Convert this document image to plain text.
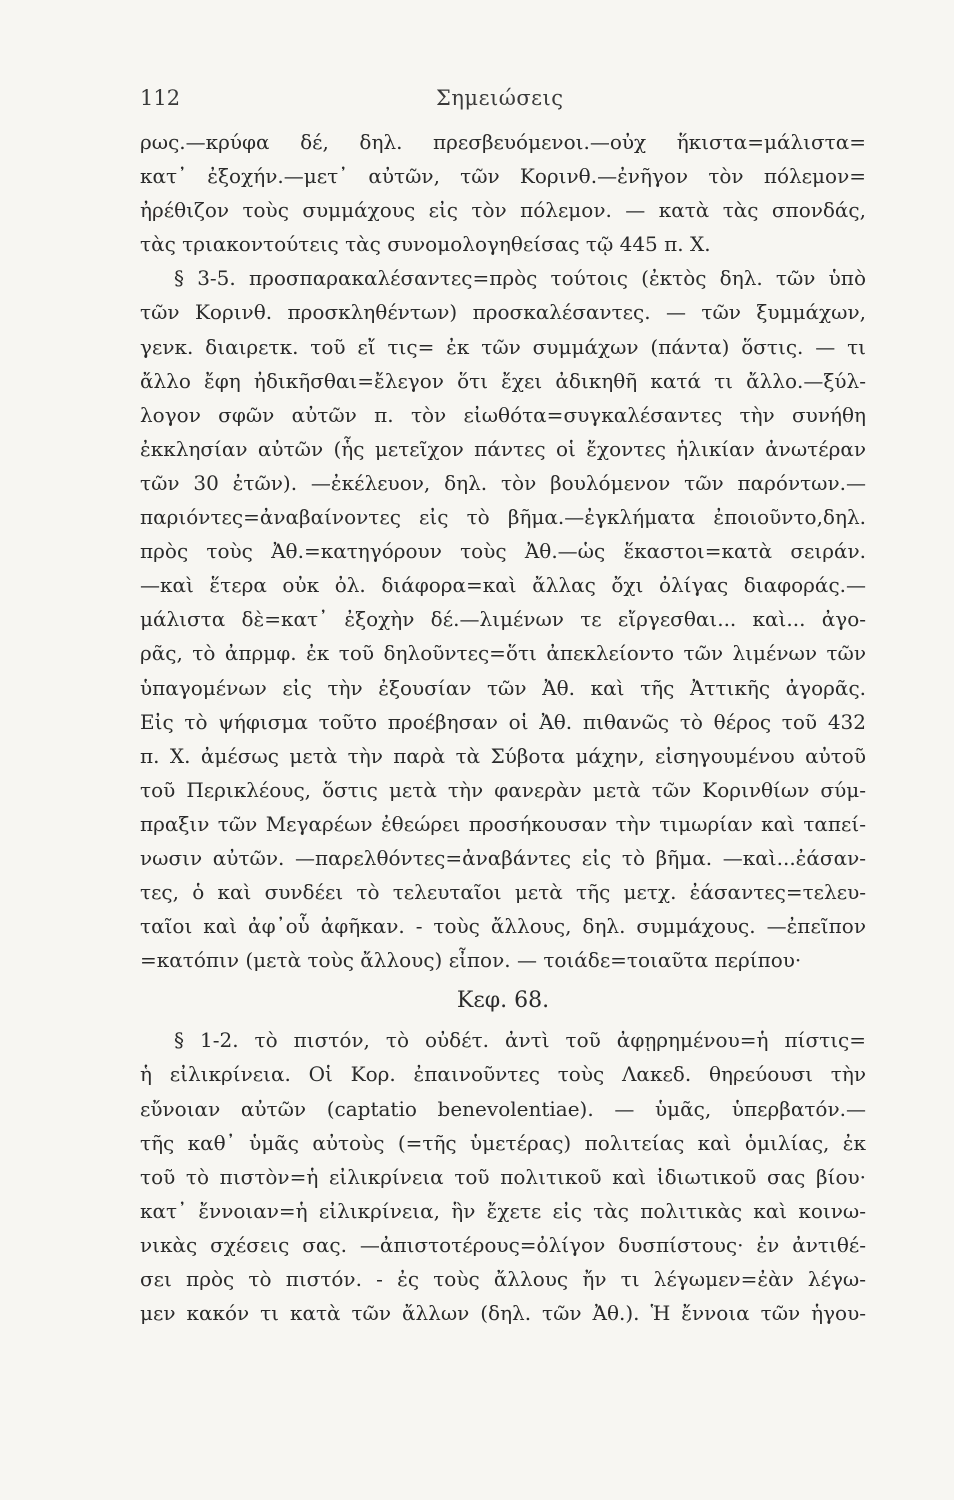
112	Σημειώσεις
ρως.—κρύφα δέ, δηλ. πρεσβευόμενοι.—οὐχ ἥκιστα=μάλιστα=
κατ᾽ ἐξοχήν.—μετ᾽ αὐτῶν, τῶν Κορινθ.—ἐνῆγον τὸν πόλεμον=
ἠρέθιζον τοὺς συμμάχους εἰς τὸν πόλεμον. — κατὰ τὰς σπονδάς,
τὰς τριακοντούτεις τὰς συνομολογηθείσας τῷ 445 π. Χ.
§ 3-5. προσπαρακαλέσαντες=πρὸς τούτοις (ἐκτὸς δηλ. τῶν ὑπὸ
τῶν Κορινθ. προσκληθέντων) προσκαλέσαντες. — τῶν ξυμμάχων,
γενκ. διαιρετκ. τοῦ εἴ τις= ἐκ τῶν συμμάχων (πάντα) ὅστις. — τι
ἄλλο ἔφη ἠδικῆσθαι=ἔλεγον ὅτι ἔχει ἀδικηθῆ κατά τι ἄλλο.—ξύλ-
λογον σφῶν αὐτῶν π. τὸν εἰωθότα=συγκαλέσαντες τὴν συνήθη
ἐκκλησίαν αὐτῶν (ἧς μετεῖχον πάντες οἱ ἔχοντες ἡλικίαν ἀνωτέραν
τῶν 30 ἐτῶν). —ἐκέλευον, δηλ. τὸν βουλόμενον τῶν παρόντων.—
παριόντες=ἀναβαίνοντες εἰς τὸ βῆμα.—ἐγκλήματα ἐποιοῦντο,δηλ.
πρὸς τοὺς Ἀθ.=κατηγόρουν τοὺς Ἀθ.—ὡς ἕκαστοι=κατὰ σειράν.
—καὶ ἕτερα οὐκ ὀλ. διάφορα=καὶ ἄλλας ὄχι ὀλίγας διαφοράς.—
μάλιστα δὲ=κατ᾽ ἐξοχὴν δέ.—λιμένων τε εἴργεσθαι... καὶ... ἀγο-
ρᾶς, τὸ ἀπρμφ. ἐκ τοῦ δηλοῦντες=ὅτι ἀπεκλείοντο τῶν λιμένων τῶν
ὑπαγομένων εἰς τὴν ἐξουσίαν τῶν Ἀθ. καὶ τῆς Ἀττικῆς ἀγορᾶς.
Εἰς τὸ ψήφισμα τοῦτο προέβησαν οἱ Ἀθ. πιθανῶς τὸ θέρος τοῦ 432
π. Χ. ἀμέσως μετὰ τὴν παρὰ τὰ Σύβοτα μάχην, εἰσηγουμένου αὐτοῦ
τοῦ Περικλέους, ὅστις μετὰ τὴν φανερὰν μετὰ τῶν Κορινθίων σύμ-
πραξιν τῶν Μεγαρέων ἐθεώρει προσήκουσαν τὴν τιμωρίαν καὶ ταπεί-
νωσιν αὐτῶν. —παρελθόντες=ἀναβάντες εἰς τὸ βῆμα. —καὶ...ἐάσαν-
τες, ὁ καὶ συνδέει τὸ τελευταῖοι μετὰ τῆς μετχ. ἐάσαντες=τελευ-
ταῖοι καὶ ἀφ᾽οὗ ἀφῆκαν. - τοὺς ἄλλους, δηλ. συμμάχους. —ἐπεῖπον
=κατόπιν (μετὰ τοὺς ἄλλους) εἶπον. — τοιάδε=τοιαῦτα περίπου·
Κεφ. 68.
§ 1-2. τὸ πιστόν, τὸ οὐδέτ. ἀντὶ τοῦ ἀφῃρημένου=ἡ πίστις=
ἡ εἰλικρίνεια. Οἱ Κορ. ἐπαινοῦντες τοὺς Λακεδ. θηρεύουσι τὴν
εὔνοιαν αὐτῶν (captatio benevolentiae). — ὑμᾶς, ὑπερβατόν.—
τῆς καθ᾽ ὑμᾶς αὐτοὺς (=τῆς ὑμετέρας) πολιτείας καὶ ὁμιλίας, ἐκ
τοῦ τὸ πιστὸν=ἡ εἰλικρίνεια τοῦ πολιτικοῦ καὶ ἰδιωτικοῦ σας βίου·
κατ᾽ ἔννοιαν=ἡ εἰλικρίνεια, ἣν ἔχετε εἰς τὰς πολιτικὰς καὶ κοινω-
νικὰς σχέσεις σας. —ἀπιστοτέρους=ὀλίγον δυσπίστους· ἐν ἀντιθέ-
σει πρὸς τὸ πιστόν. - ἐς τοὺς ἄλλους ἤν τι λέγωμεν=ἐὰν λέγω-
μεν κακόν τι κατὰ τῶν ἄλλων (δηλ. τῶν Ἀθ.). Ἡ ἔννοια τῶν ἡγου-
